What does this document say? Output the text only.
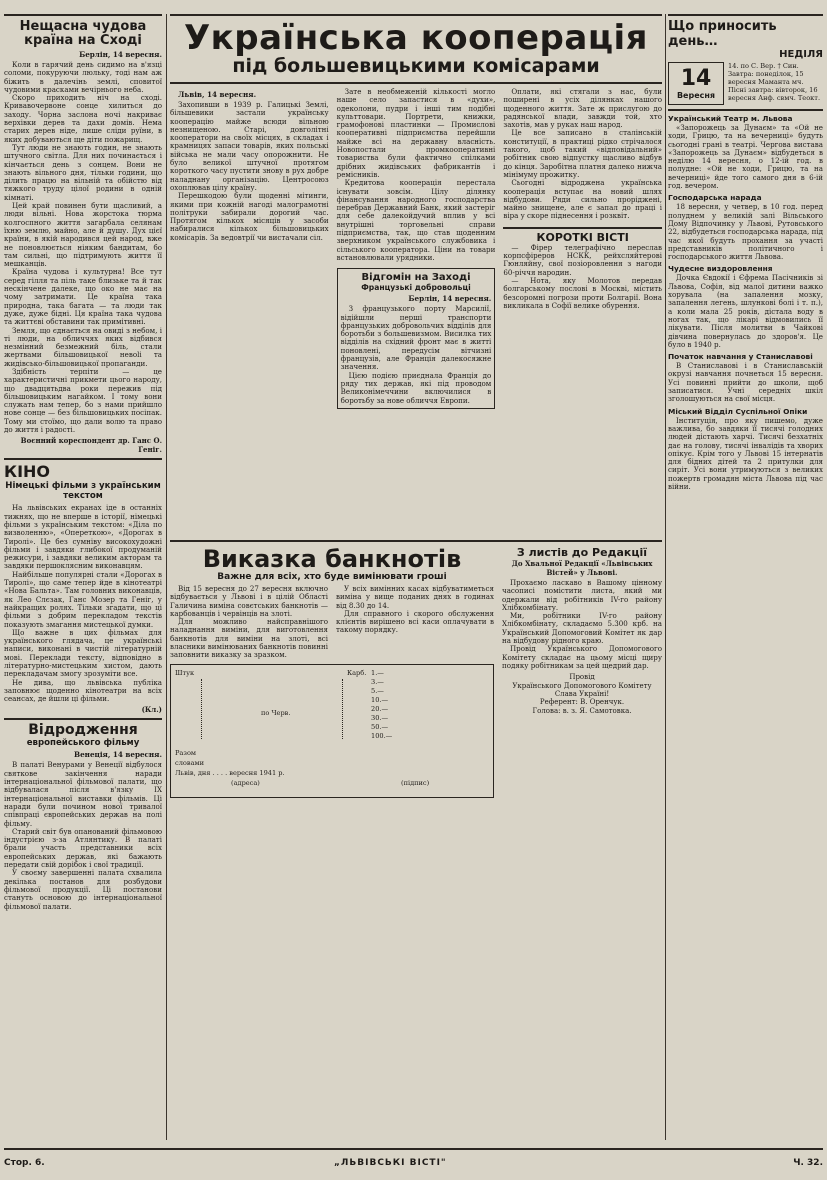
Нещасна чудова країна на Сході
Берлін, 14 вересня.

Коли в гарячий день сидимо на в'язці соломи, покуруючи люльку, тоді нам аж біжить в далечінь землі, сповитої чудовими красками вечірнього неба.

Скоро приходить ніч на сході. Кривавочервоне сонце хилиться до заходу. Чорна заслона ночі накриває верхівки дерев та дахи домів. Нема старих дерев ніде, лише сліди руїни, в яких добуваються ще діти пожарищ.

Тут люди не знають годин, не знають штучного світла. Для них починається і кінчається день з сонцем. Вони не знають вільного дня, тільки години, що ділить працю на вільній та обійстю від тяжкого труду цілої родини в одній кімнаті.

Цей край повинен бути щасливий, а люди вільні. Нова жорстока тюрма колгоспного життя загарбала селянам їхню землю, майно, але й душу. Дух цієї країни, в якій народився цей народ, вже не поновлюється ніяким бандитам, бо там сильні, що підтримують життя її мешканців.

Країна чудова і культурна! Все тут серед гілля та піль таке близьке та й так нескінчене далеке, що око не має на чому затримати. Це країна така природна, така багата — та люди так дуже, дуже бідні. Ця країна така чудова та життєві обставини так примітивні.

Земля, що єднається на овиді з небом, і ті люди, на обличчях яких відбився незмінний безмежний біль, стали жертвами більшовицької невolі та жидівсько-більшовицької пропаганди.

Здібність терпіти — це характеристичні прикмети цього народу, що двадцятьдва роки пережив під більшовицьким нагайком. І тому вони служать нам тепер, бо з нами прийшло нове сонце — без більшовицьких посіпак. Тому ми стоїмо, що дали волю та право до життя і радості.

Воєнний кореспондент др. Ганс О. Геніг.
КІНО
Німецькі фільми з українським текстом

На львівських екранах іде в останніх тижнях, що не вперше в історії, німецькі фільми з українським текстом: «Діла по визволенню», «Опереткою», «Дорогах в Тиролі». Це без сумніву високохудожні фільми і завдяки глибокої продуманій режисури, і завдяки великим акторам та завдяки першоклясним виконавцям.

Найбільше популярні стали «Дорогах в Тиролі», що саме тепер йде в кінотеатрі «Нова Бальта». Там головних виконавців, як Лео Слєзак, Ганс Мозер та Геніг, у найкращих ролях. Тільки згадати, що ці фільми з добрим перекладом текстів показують змагання мистецької думки.

Що важне в цих фільмах для українського глядача, це українські написи, виконані в чистій літературній мові. Переклади тексту, відповідно в літературно-мистецьким хистом, дають перекладачам змогу зрозуміти все.

Не дива, що львівська публіка заповнює щоденно кінотеатри на всіх сеансах, де йшли ці фільми.

(Кл.)
Відродження
европейського фільму
Венеція, 14 вересня.

В палаті Венурами у Венеції відбулося святкове закінчення наради інтернаціональної фільмової палати, що відбувалася після в'язку IX інтернаціональної виставки фільмів. Ці наради були почином нової тривалої співпраці європейських держав на полі фільму.

Старий світ був опанований фільмовою індустрією з-за Атлянтику. В палаті брали участь представники всіх европейських держав, які бажають передати свій дорібок і свої традиції.

У своєму завершенні палата схвалила декілька постанов для розбудови фільмової продукції. Ці постанови стануть основою до інтернаціональної фільмової палати.

Українська кооперація
під большевицькими комісарами
Львів, 14 вересня.

Захопивши в 1939 р. Галицькі Землі, більшевики застали українську кооперацію майже всюди вільною незнищеною. Старі, довголітні кооператори на своїх місцях, в складах і крамницях запаси товарів, яких польські війська не мали часу опорожнити. Не було великої штучної протягом короткого часу пустити знову в рух добре наладнану організацію. Центросоюз охоплював цілу країну.

Перешкодою були щоденні мітинги, якими при кожній нагоді малограмотні політруки забирали дорогий час. Протягом кількох місяців у засоби набиралися кількох більшовицьких комісарів. За ведовтрії чи вистачали сіл.

Зате в необмеженій кількості могло наше село запастися в «духи», одеколони, пудри і інші тим подібні культтовари. Портрети, книжки, грамофонові пластинки — Промислові кооперативні підприємства перейшли майже всі на державну власність. Новопостали промкооперативні товариства були фактично спілками дрібних жидівських фабрикантів і ремісників.

Кредитова кооперація перестала існувати зовсім. Цілу ділянку фінансування народного господарства перебрав Державний Банк, який застеріг для себе далекойдучий вплив у всі внутрішні торговельні справи підприємства, так, що став щоденним зверхником українського службовика і сільського кооператора. Ціни на товари встановлювали урядники.

Відгомін на Заході
Французькі добровольці
Берлін, 14 вересня.

З французького порту Марсилії, відійшли перші транспорти французьких добровольчих відділів для боротьби з большевизмом. Висилка тих відділів на східний фронт має в житті поновлені, передусім вітчизні французів, але Франція далекосяжне значення.

Цією подією приєднала Франція до ряду тих держав, які під проводом Великонімеччини включилися в боротьбу за нове обличчя Европи.

Оплати, які стягали з нас, були поширені в усіх ділянках нашого щоденного життя. Зате ж прислугою до радянської влади, завжди той, хто захотів, мав у руках наш народ.

Це все записано в сталінській конституції, в практиці рідко стрічалося такого, щоб такий «відповідальний» робітник свою відпустку щасливо відбув до кінця. Заробітна платня далеко нижча мінімуму прожитку.

Сьогодні відроджена українська кооперація вступає на новий шлях відбудови. Ряди сильно проріджені, майно знищене, але є запал до праці і віра у скоре піднесення і розквіт.

КОРОТКІ ВІСТІ

— Фірер телеграфічно переслав корпсфіреров НСКК, рейхсляйтерові Гюнляйну, свої позіоровлення з нагоди 60-річчя народин.

— Нота, яку Молотов передав болгарському послові в Москві, містить безсоромні погрози проти Болгарії. Вона викликала в Софії велике обурення.

Виказка банкнотів
Важне для всіх, хто буде вимінювати гроші

Від 15 вересня до 27 вересня включно відбувається у Львові і в цілій Області Галичина виміна совєтських банкнотів — карбованців і червінців на злоті.

Для можливо найсправнішого наладнання виміни, для виготовлення банкнотів для виміни на злоті, всі власники вимінюваних банкнотів повинні заповнити виказку за зразком.

У всіх вимінних касах відбуватиметься виміна у вище поданих днях в годинах від 8.30 до 14.

Для справного і скорого обслуження клієнтів вирішено всі каси оплачувати в такому порядку.

Штук	Карб.
по Черв.
1.—
3.—
5.—
10.—
20.—
30.—
50.—
100.—
Разом
словами
Львів, дня . . . . вересня 1941 р.
(адреса)	(підпис)
З листів до Редакції
До Хвальної Редакції «Львівських Вістей» у Львові.

Прохаємо ласкаво в Вашому цінному часописі помістити листа, який ми одержали від робітників IV-го району Хлібкомбінату.

Ми, робітники IV-го району Хлібкомбінату, складаємо 5.300 крб. на Український Допомоговий Комітет як дар на відбудову рідного краю.

Провід Українського Допомогового Комітету складає на цьому місці щиру подяку робітникам за цей щедрий дар.

Провід
Українського Допомогового Комітету
Слава Україні!
Референт: В. Оренчук.
Голова: в. з. Я. Самотовка.
Що приносить день…
НЕДІЛЯ
14
Вересня
14. по С. Вер. † Син. Завтра: понеділок, 15 вересня Мамантa мч. Пісні завтра: вівторок, 16 вересня Анф. свмч. Теокт.
Український Театр м. Львова

«Запорожець за Дунаєм» та «Ой не ходи, Грицю, та на вечерниці» будуть сьогодні грані в театрі. Чергова вистава «Запорожець за Дунаєм» відбудеться в неділю 14 вересня, о 12-ій год. в полудне: «Ой не ходи, Грицю, та на вечерниці» йде того самого дня в 6-ій год. вечером.

Господарська нарада

18 вересня, у четвер, в 10 год. перед полуднем у великій залі Вільського Дому Відпочинку у Львові, Рутовського 22, відбудеться господарська нарада, під час якої будуть прохання за участі представників політичного і господарського життя Львова.

Чудесне виздоровлення

Дочка Євдокії і Єфрема Пасічників зі Львова, Софія, від малої дитини важко хорувала (на запалення мозку, запалення легень, шлункові болі і т. п.), а коли мала 25 років, дістала воду в ногах так, що лікарі відмовились її лікувати. Після молитви в Чайкові дівчина повернулась до здоров'я. Це було в 1940 р.

Початок навчання у Станиславові

В Станиславові і в Станиславській окрузі навчання почнеться 15 вересня. Усі повинні прийти до школи, щоб записатися. Учні середніх шкіл зголошуються на свої місця.

Міський Відділ Суспільної Опіки

Інституція, про яку пишемо, дуже важлива, бо завдяки її тисячі голодних людей дістають харчі. Тисячі безхатніх дає на голову, тисячі інвалідів та хворих опікує. Крім того у Львові 15 інтернатів для бідних дітей та 2 притулки для сиріт. Усі вони утримуються з великих пожертв громадян міста Львова під час війни.

Стор. 6.	„ЛЬВІВСЬКІ ВІСТІ"	Ч. 32.
